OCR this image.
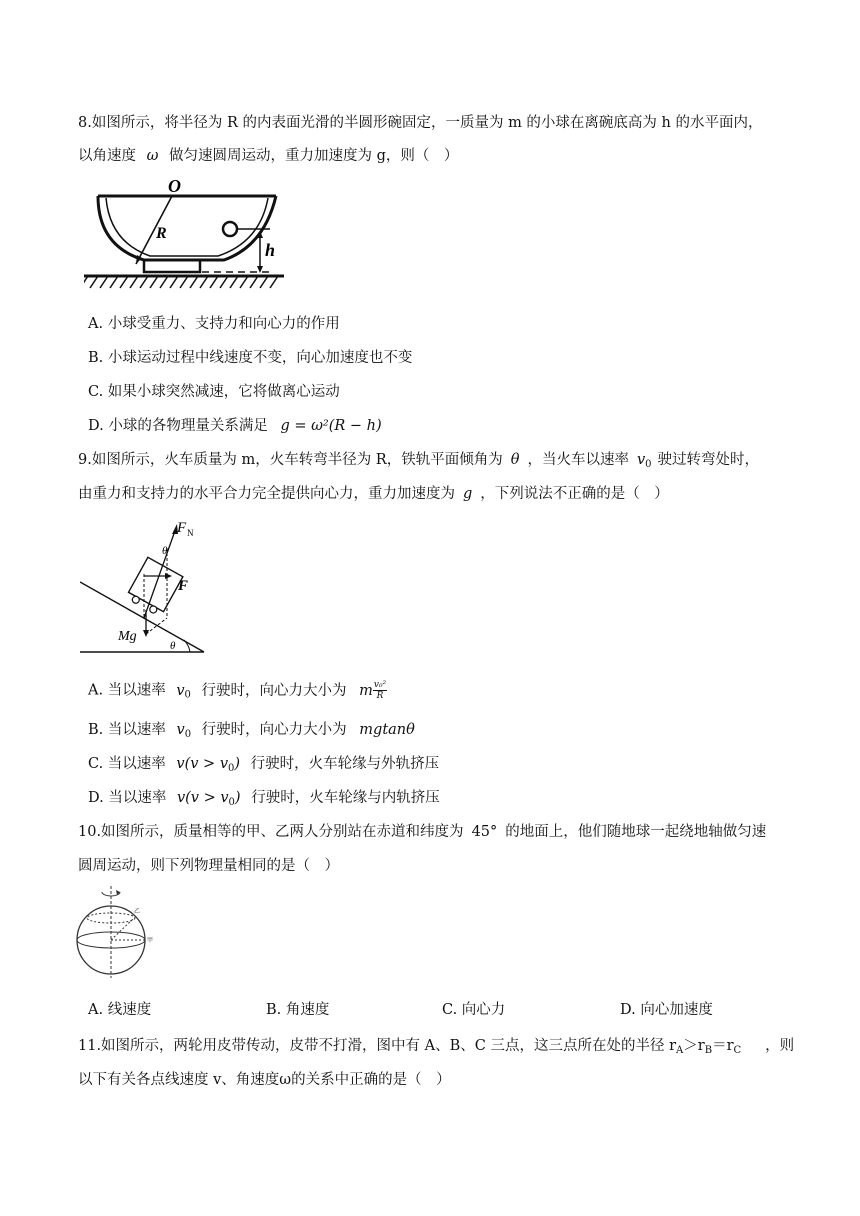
8.如图所示，将半径为 R 的内表面光滑的半圆形碗固定，一质量为 m 的小球在离碗底高为 h 的水平面内，
以角速度 ω 做匀速圆周运动，重力加速度为 g，则（　）
O
R
h
A. 小球受重力、支持力和向心力的作用
B. 小球运动过程中线速度不变，向心加速度也不变
C. 如果小球突然减速，它将做离心运动
D. 小球的各物理量关系满足 g = ω²(R − h)
9.如图所示，火车质量为 m，火车转弯半径为 R，铁轨平面倾角为 θ ，当火车以速率 $v_0$ 驶过转弯处时，
由重力和支持力的水平合力完全提供向心力，重力加速度为 g ，下列说法不正确的是（　）
F N
θ
F
Mg
θ
A. 当以速率 $v_0$ 行驶时，向心力大小为 m $\frac{\text{v₀²}}{R}$
B. 当以速率 $v_0$ 行驶时，向心力大小为 mgtanθ
C. 当以速率 $v(v > v_0)$ 行驶时，火车轮缘与外轨挤压
D. 当以速率 $v(v > v_0)$ 行驶时，火车轮缘与内轨挤压
10.如图所示，质量相等的甲、乙两人分别站在赤道和纬度为 45° 的地面上，他们随地球一起绕地轴做匀速
圆周运动，则下列物理量相同的是（　）
乙
甲
A. 线速度	B. 角速度	C. 向心力	D. 向心加速度
11.如图所示，两轮用皮带传动，皮带不打滑，图中有 A、B、C 三点，这三点所在处的半径 $r_A>r_B=r_C$ ，则
以下有关各点线速度 v、角速度ω的关系中正确的是（　）
